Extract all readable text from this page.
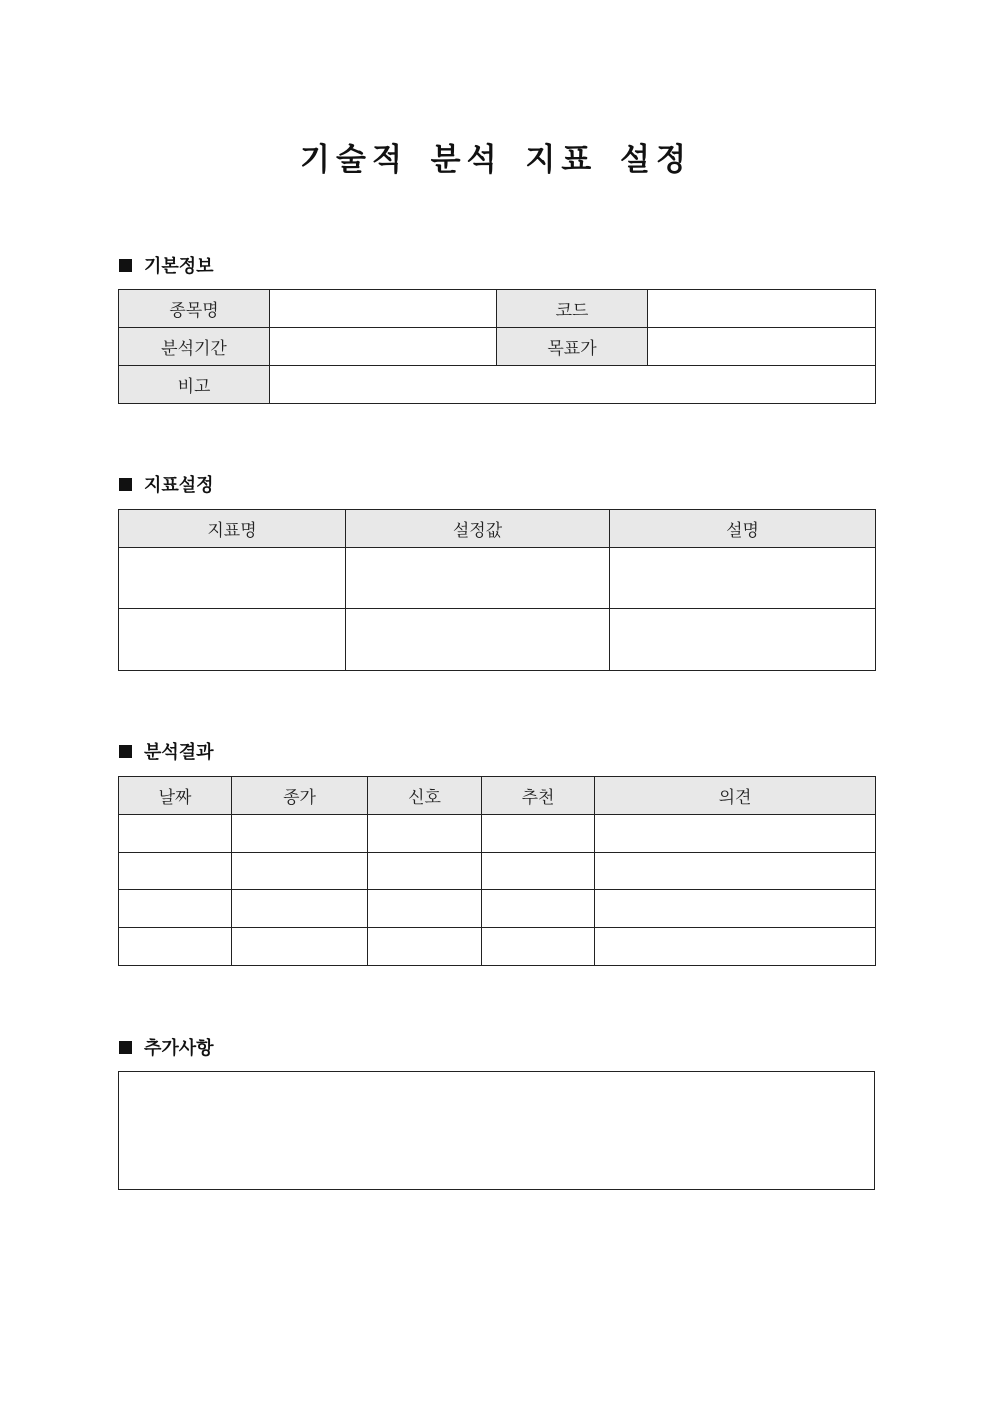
기술적 분석 지표 설정
기본정보
종목명		코드	
분석기간		목표가	
비고			
지표설정
지표명	설정값	설명

분석결과
날짜	종가	신호	추천	의견

추가사항
